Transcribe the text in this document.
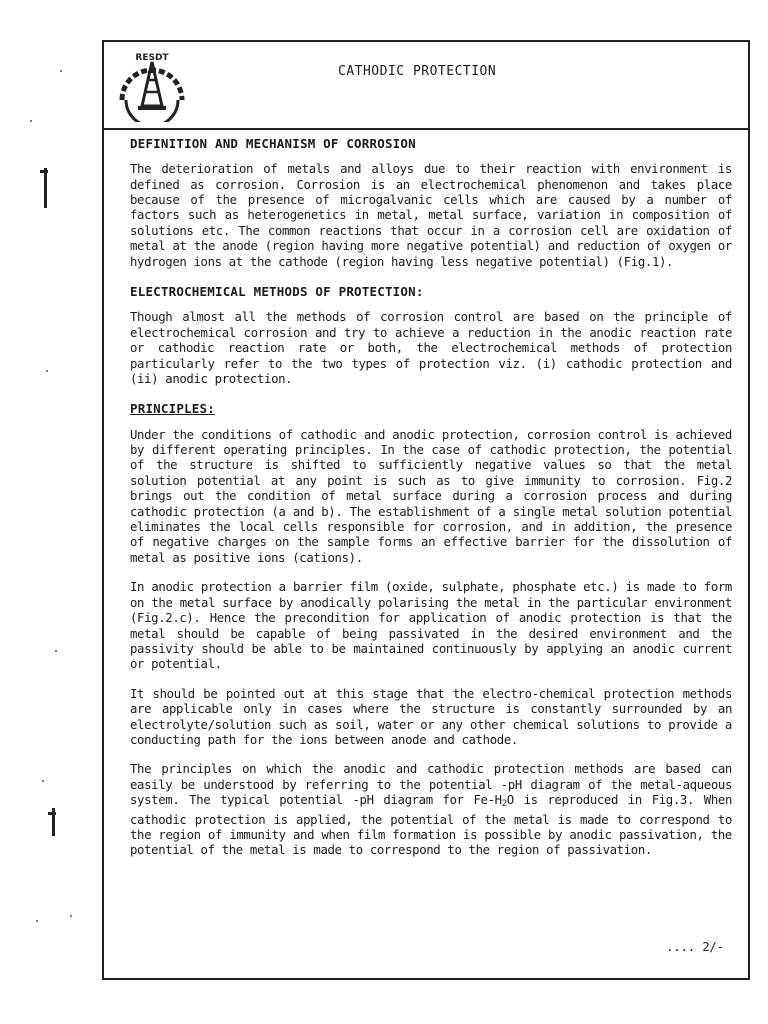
RESDT
CATHODIC PROTECTION
DEFINITION AND MECHANISM OF CORROSION

The deterioration of metals and alloys due to their reaction with environment is defined as corrosion. Corrosion is an electrochemical phenomenon and takes place because of the presence of microgalvanic cells which are caused by a number of factors such as heterogenetics in metal, metal surface, variation in composition of solutions etc. The common reactions that occur in a corrosion cell are oxidation of metal at the anode (region having more negative potential) and reduction of oxygen or hydrogen ions at the cathode (region having less negative potential) (Fig.1).

ELECTROCHEMICAL METHODS OF PROTECTION:

Though almost all the methods of corrosion control are based on the principle of electrochemical corrosion and try to achieve a reduction in the anodic reaction rate or cathodic reaction rate or both, the electrochemical methods of protection particularly refer to the two types of protection viz. (i) cathodic protection and (ii) anodic protection.

PRINCIPLES:

Under the conditions of cathodic and anodic protection, corrosion control is achieved by different operating principles. In the case of cathodic protection, the potential of the structure is shifted to sufficiently negative values so that the metal solution potential at any point is such as to give immunity to corrosion. Fig.2 brings out the condition of metal surface during a corrosion process and during cathodic protection (a and b). The establishment of a single metal solution potential eliminates the local cells responsible for corrosion, and in addition, the presence of negative charges on the sample forms an effective barrier for the dissolution of metal as positive ions (cations).

In anodic protection a barrier film (oxide, sulphate, phosphate etc.) is made to form on the metal surface by anodically polarising the metal in the particular environment (Fig.2.c). Hence the precondition for application of anodic protection is that the metal should be capable of being passivated in the desired environment and the passivity should be able to be maintained continuously by applying an anodic current or potential.

It should be pointed out at this stage that the electro-chemical protection methods are applicable only in cases where the structure is constantly surrounded by an electrolyte/solution such as soil, water or any other chemical solutions to provide a conducting path for the ions between anode and cathode.

The principles on which the anodic and cathodic protection methods are based can easily be understood by referring to the potential -pH diagram of the metal-aqueous system. The typical potential -pH diagram for $Fe-H_2O$ is reproduced in Fig.3. When cathodic protection is applied, the potential of the metal is made to correspond to the region of immunity and when film formation is possible by anodic passivation, the potential of the metal is made to correspond to the region of passivation.

.... 2/-
